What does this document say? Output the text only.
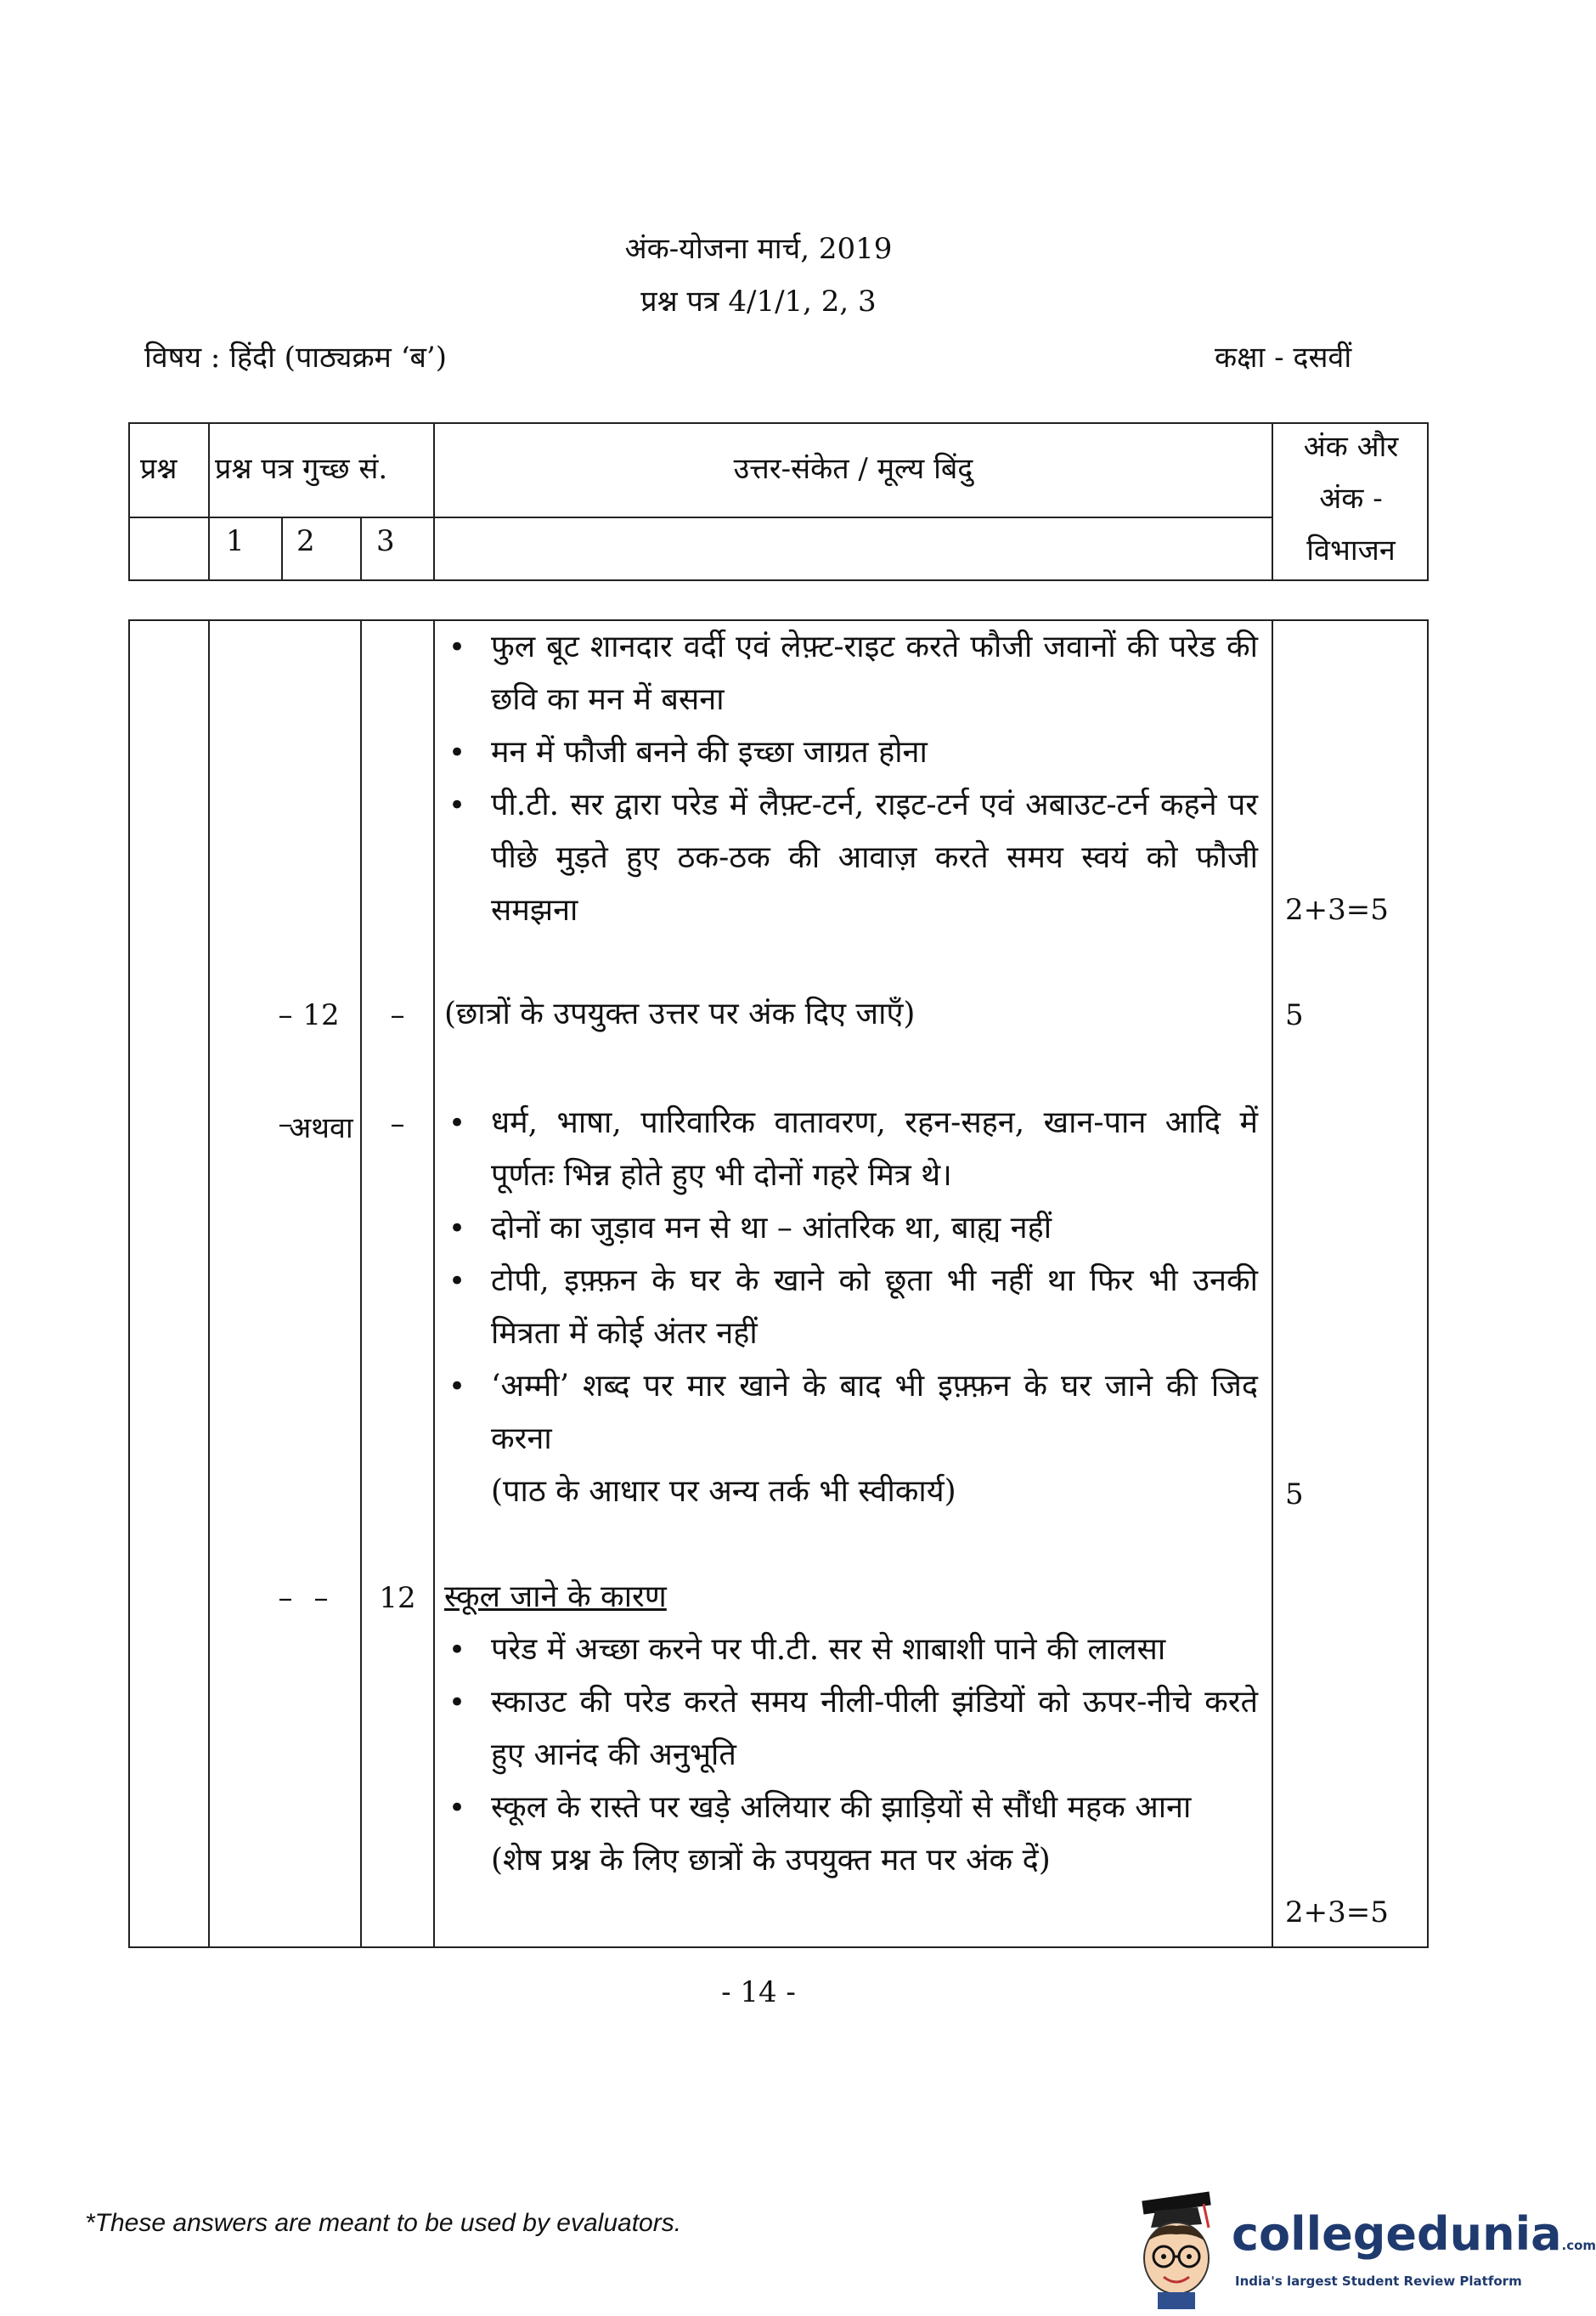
अंक-योजना मार्च, 2019
प्रश्न पत्र 4/1/1, 2, 3
विषय : हिंदी (पाठ्यक्रम ‘ब’)	कक्षा - दसवीं
प्रश्न प्रश्न पत्र गुच्छ सं.
1 2 3
उत्तर-संकेत / मूल्य बिंदु
अंक और
अंक -
विभाजन
• फुल बूट शानदार वर्दी एवं लेफ़्ट-राइट करते फौजी जवानों की परेड की छवि का मन में बसना
• मन में फौजी बनने की इच्छा जाग्रत होना
• पी.टी. सर द्वारा परेड में लैफ़्ट-टर्न, राइट-टर्न एवं अबाउट-टर्न कहने पर पीछे मुड़ते हुए ठक-ठक की आवाज़ करते समय स्वयं को फौजी समझना	2+3=5
– 12	–	(छात्रों के उपयुक्त उत्तर पर अंक दिए जाएँ)	5
–
अथवा	–
•	धर्म, भाषा, पारिवारिक वातावरण, रहन-सहन, खान-पान आदि में पूर्णतः भिन्न होते हुए भी दोनों गहरे मित्र थे।
• दोनों का जुड़ाव मन से था – आंतरिक था, बाह्य नहीं
• टोपी, इफ़्फ़न के घर के खाने को छूता भी नहीं था फिर भी उनकी मित्रता में कोई अंतर नहीं
• ‘अम्मी’ शब्द पर मार खाने के बाद भी इफ़्फ़न के घर जाने की जिद करना
(पाठ के आधार पर अन्य तर्क भी स्वीकार्य)	5
– –	12 स्कूल जाने के कारण
• परेड में अच्छा करने पर पी.टी. सर से शाबाशी पाने की लालसा
• स्काउट की परेड करते समय नीली-पीली झंडियों को ऊपर-नीचे करते हुए आनंद की अनुभूति
• स्कूल के रास्ते पर खड़े अलियार की झाड़ियों से सौंधी महक आना
(शेष प्रश्न के लिए छात्रों के उपयुक्त मत पर अंक दें)
2+3=5
- 14 -
*These answers are meant to be used by evaluators.	collegedunia.com
India's largest Student Review Platform
